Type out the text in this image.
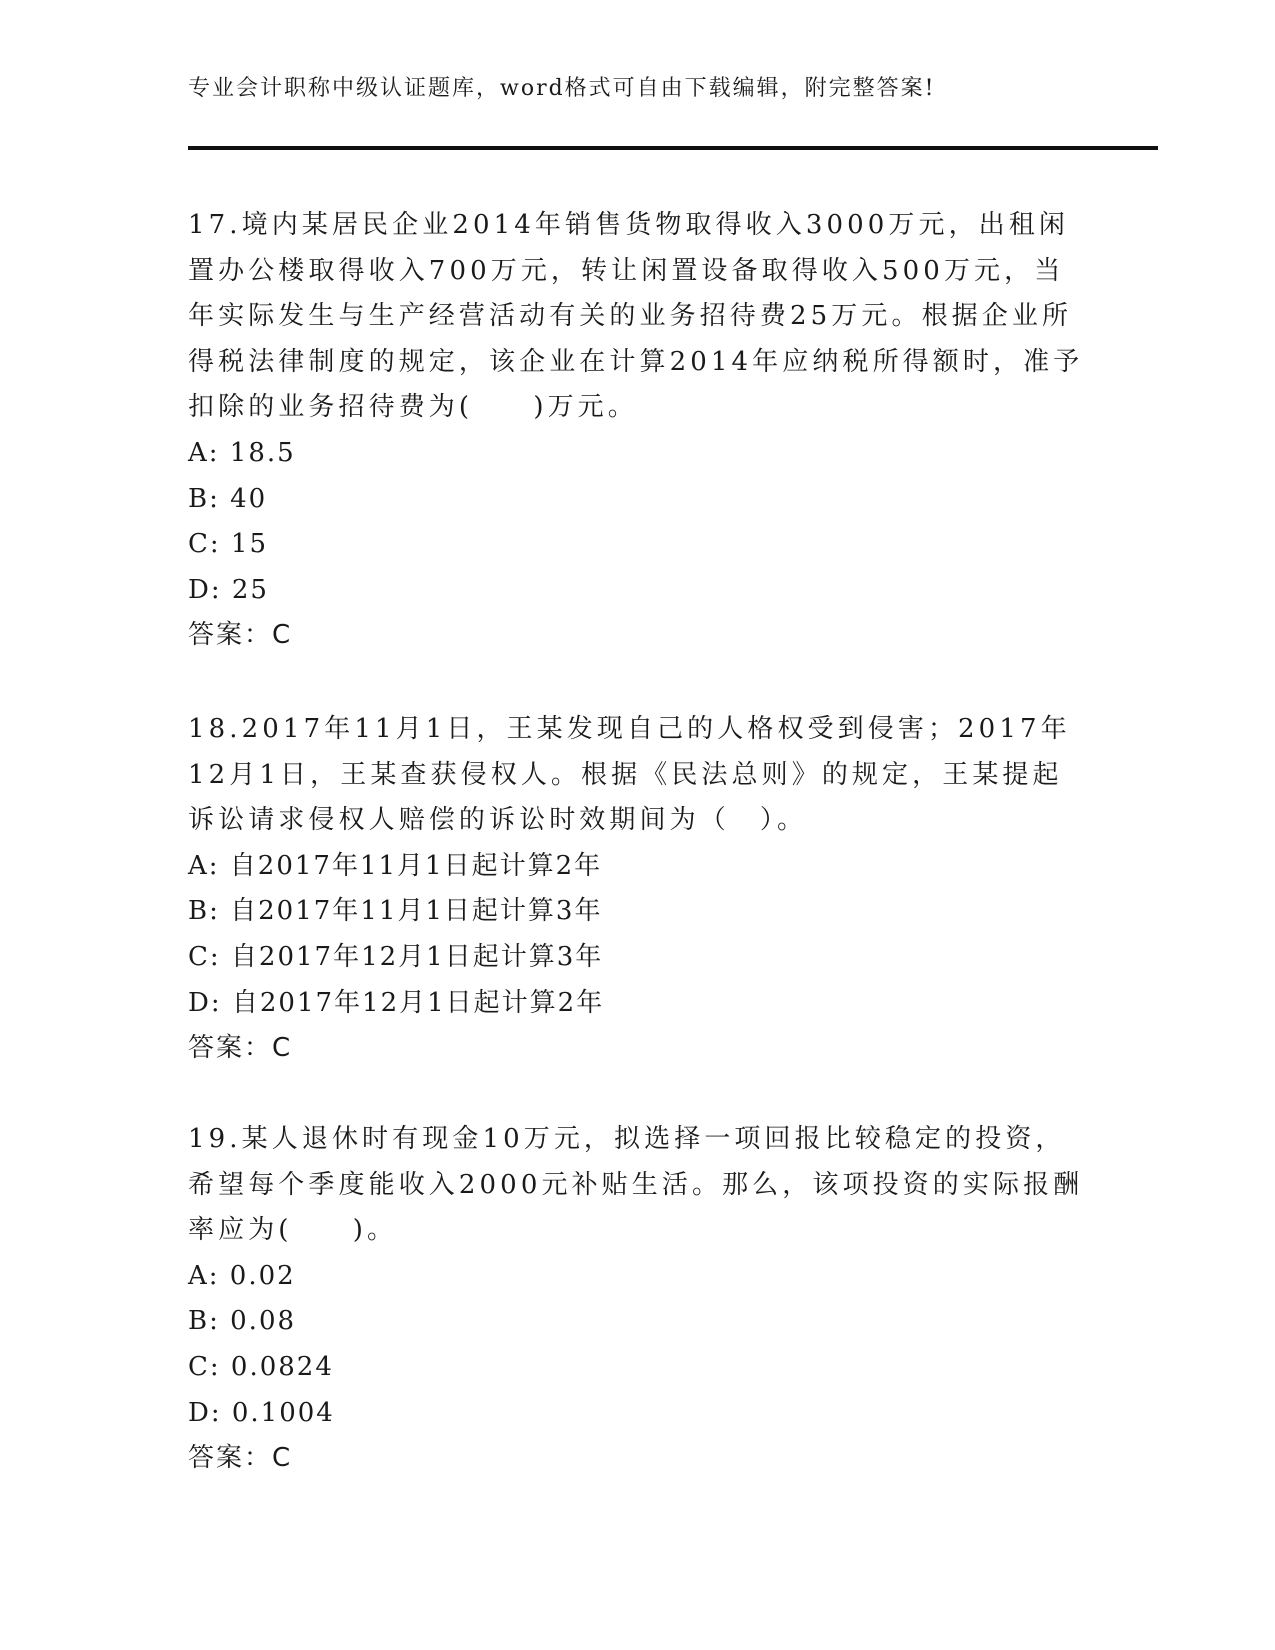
专业会计职称中级认证题库，word格式可自由下载编辑，附完整答案!

17.境内某居民企业2014年销售货物取得收入3000万元，出租闲置办公楼取得收入700万元，转让闲置设备取得收入500万元，当年实际发生与生产经营活动有关的业务招待费25万元。根据企业所得税法律制度的规定，该企业在计算2014年应纳税所得额时，准予扣除的业务招待费为(　　)万元。

A: 18.5

B: 40

C: 15

D: 25

答案：C

18.2017年11月1日，王某发现自己的人格权受到侵害；2017年12月1日，王某查获侵权人。根据《民法总则》的规定，王某提起诉讼请求侵权人赔偿的诉讼时效期间为（　）。

A: 自2017年11月1日起计算2年

B: 自2017年11月1日起计算3年

C: 自2017年12月1日起计算3年

D: 自2017年12月1日起计算2年

答案：C

19.某人退休时有现金10万元，拟选择一项回报比较稳定的投资，希望每个季度能收入2000元补贴生活。那么，该项投资的实际报酬率应为(　　)。

A: 0.02

B: 0.08

C: 0.0824

D: 0.1004

答案：C
